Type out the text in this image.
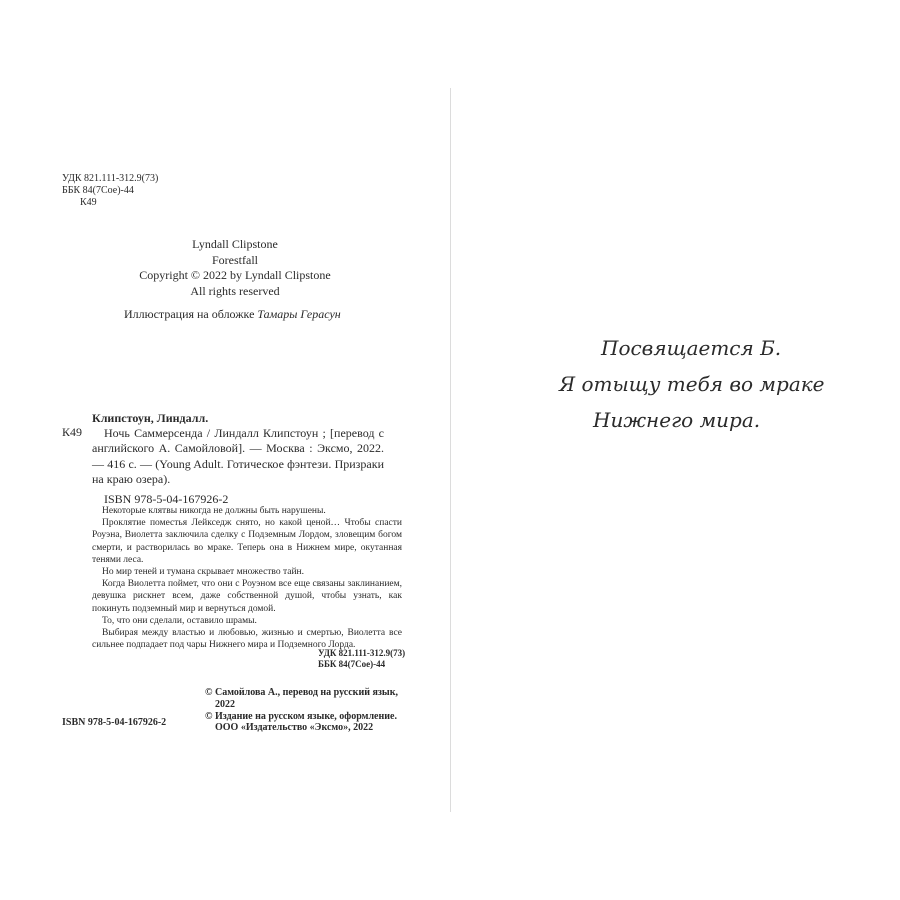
УДК 821.111-312.9(73)
ББК 84(7Сое)-44
К49
Lyndall Clipstone
Forestfall
Copyright © 2022 by Lyndall Clipstone
All rights reserved
Иллюстрация на обложке Тамары Герасун
К49
Клипстоун, Линдалл.
Ночь Саммерсенда / Линдалл Клипстоун ; [перевод с английского А. Самойловой]. — Москва : Эксмо, 2022. — 416 с. — (Young Adult. Готическое фэнтези. Призраки на краю озера).
ISBN 978-5-04-167926-2
Некоторые клятвы никогда не должны быть нарушены.
Проклятие поместья Лейкседж снято, но какой ценой… Чтобы спасти Роуэна, Виолетта заключила сделку с Подземным Лордом, зловещим богом смерти, и растворилась во мраке. Теперь она в Нижнем мире, окутанная тенями леса.
Но мир теней и тумана скрывает множество тайн.
Когда Виолетта поймет, что они с Роуэном все еще связаны заклинанием, девушка рискнет всем, даже собственной душой, чтобы узнать, как покинуть подземный мир и вернуться домой.
То, что они сделали, оставило шрамы.
Выбирая между властью и любовью, жизнью и смертью, Виолетта все сильнее подпадает под чары Нижнего мира и Подземного Лорда.
УДК 821.111-312.9(73)
ББК 84(7Сое)-44
© Самойлова А., перевод на русский язык, 2022
© Издание на русском языке, оформление. ООО «Издательство «Эксмо», 2022
ISBN 978-5-04-167926-2
Посвящается Б.
Я отыщу тебя во мраке
Нижнего мира.
